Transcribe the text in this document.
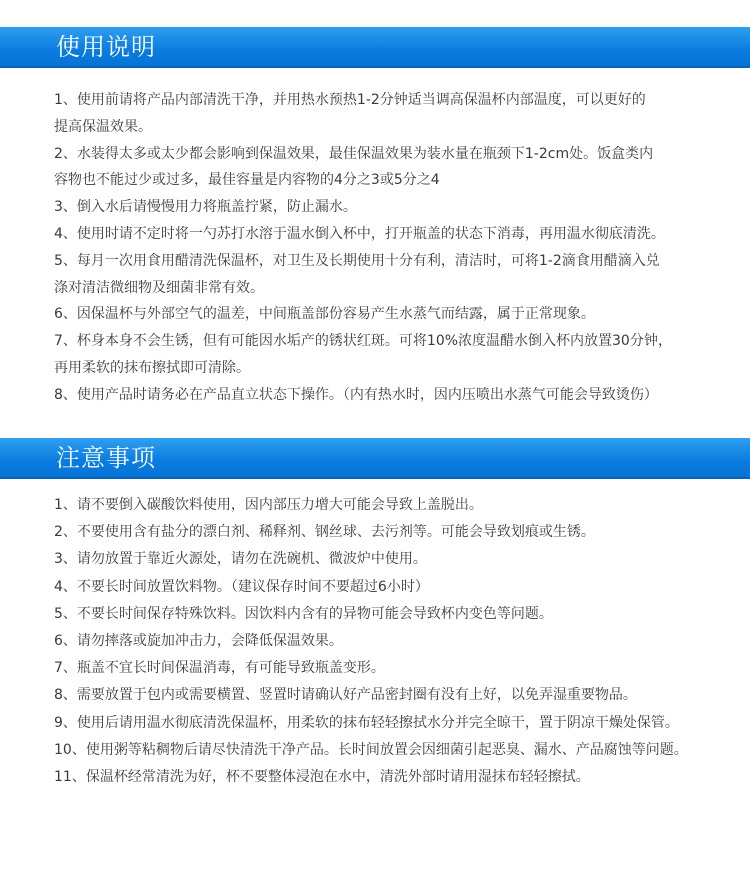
使用说明
1、使用前请将产品内部清洗干净，并用热水预热1-2分钟适当调高保温杯内部温度，可以更好的
提高保温效果。
2、水装得太多或太少都会影响到保温效果，最佳保温效果为装水量在瓶颈下1-2cm处。饭盒类内
容物也不能过少或过多，最佳容量是内容物的4分之3或5分之4
3、倒入水后请慢慢用力将瓶盖拧紧，防止漏水。
4、使用时请不定时将一勺苏打水溶于温水倒入杯中，打开瓶盖的状态下消毒，再用温水彻底清洗。
5、每月一次用食用醋清洗保温杯，对卫生及长期使用十分有利，清洁时，可将1-2滴食用醋滴入兑
涤对清洁微细物及细菌非常有效。
6、因保温杯与外部空气的温差，中间瓶盖部份容易产生水蒸气而结露，属于正常现象。
7、杯身本身不会生锈，但有可能因水垢产的锈状红斑。可将10%浓度温醋水倒入杯内放置30分钟，
再用柔软的抹布擦拭即可清除。
8、使用产品时请务必在产品直立状态下操作。（内有热水时，因内压喷出水蒸气可能会导致烫伤）
注意事项
1、请不要倒入碳酸饮料使用，因内部压力增大可能会导致上盖脱出。
2、不要使用含有盐分的漂白剂、稀释剂、钢丝球、去污剂等。可能会导致划痕或生锈。
3、请勿放置于靠近火源处，请勿在洗碗机、微波炉中使用。
4、不要长时间放置饮料物。（建议保存时间不要超过6小时）
5、不要长时间保存特殊饮料。因饮料内含有的异物可能会导致杯内变色等问题。
6、请勿摔落或旋加冲击力，会降低保温效果。
7、瓶盖不宜长时间保温消毒，有可能导致瓶盖变形。
8、需要放置于包内或需要横置、竖置时请确认好产品密封圈有没有上好，以免弄湿重要物品。
9、使用后请用温水彻底清洗保温杯，用柔软的抹布轻轻擦拭水分并完全晾干，置于阴凉干燥处保管。
10、使用粥等粘稠物后请尽快清洗干净产品。长时间放置会因细菌引起恶臭、漏水、产品腐蚀等问题。
11、保温杯经常清洗为好，杯不要整体浸泡在水中，清洗外部时请用湿抹布轻轻擦拭。
